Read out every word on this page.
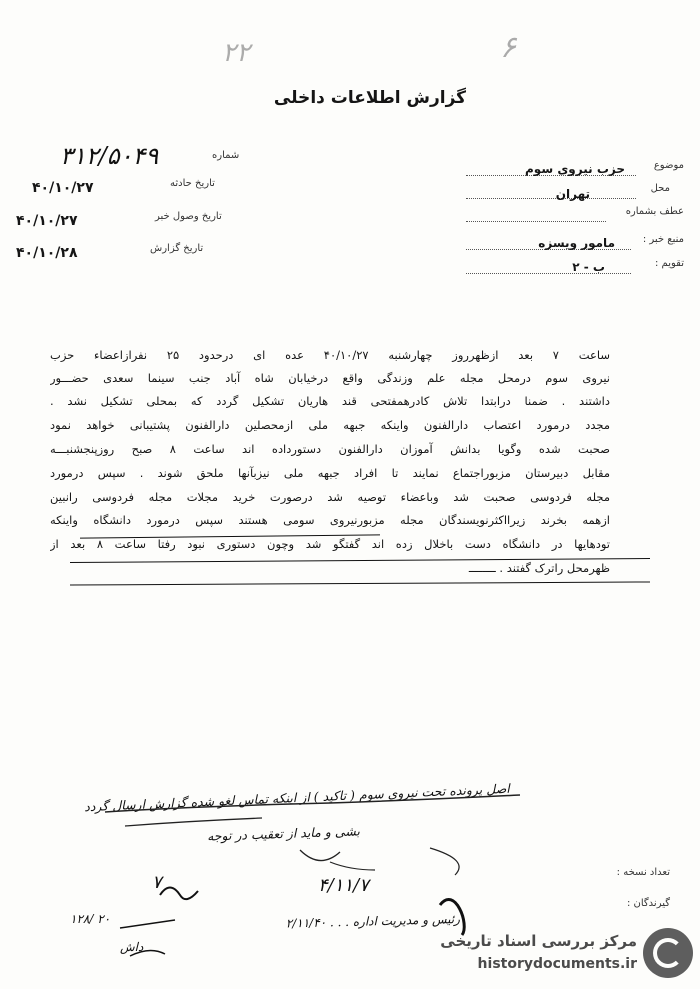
۲۲	۶
گزارش اطلاعات داخلی
موضوع
حزب نیروی سوم
محل
تهران
عطف بشماره
منبع خبر :
مامور ویسزه
تقویم :
ب - ۲
شماره
۳۱۲/۵۰۴۹
تاریخ حادثه
۴۰/۱۰/۲۷
تاریخ وصول خبر
۴۰/۱۰/۲۷
تاریخ گزارش
۴۰/۱۰/۲۸
ساعت ۷ بعد ازظهرروز چهارشنبه ۴۰/۱۰/۲۷ عده ای درحدود ۲۵ نفرازاعضاء حزب
نیروی سوم درمحل مجله علم وزندگی واقع درخیابان شاه آباد جنب سینما سعدی حضـــور
داشتند . ضمنا درابتدا تلاش کادرهمفتحی قند هاریان تشکیل گردد که بمحلی تشکیل نشد .
مجدد درمورد اعتصاب دارالفنون واینکه جبهه ملی ازمحصلین دارالفنون پشتیبانی خواهد نمود
صحبت شده وگویا بدانش آموزان دارالفنون دستورداده اند ساعت ۸ صبح روزپنجشنبـــه
مقابل دبیرستان مزبوراجتماع نمایند تا افراد جبهه ملی نیزبآنها ملحق شوند . سپس درمورد
مجله فردوسی صحبت شد وباعضاء توصیه شد درصورت خرید مجلات مجله فردوسی رانبین
ازهمه بخرند زیرااکثرنویسندگان مجله مزبورنیروی سومی هستند سپس درمورد دانشگاه واینکه
تودهایها در دانشگاه دست باخلال زده اند گفتگو شد وچون دستوری نبود رفتا ساعت ۸ بعد از
ظهرمحل راترک گفتند . ــــــــ
اصل پرونده تحت نیروی سوم ( تاکید ) از اینکه تماس لغو شده گزارش ارسال گردد
بشی و ماید از تعقیب در توجه
۴/۱۱/۷
تعداد نسخه :
گیرندگان :
رئیس و مدیریت اداره . . . ۲/۱۱/۴۰
۱۲۸/ ۲۰
۷
داش	مرکز بررسی اسناد تاریخی
historydocuments.ir
